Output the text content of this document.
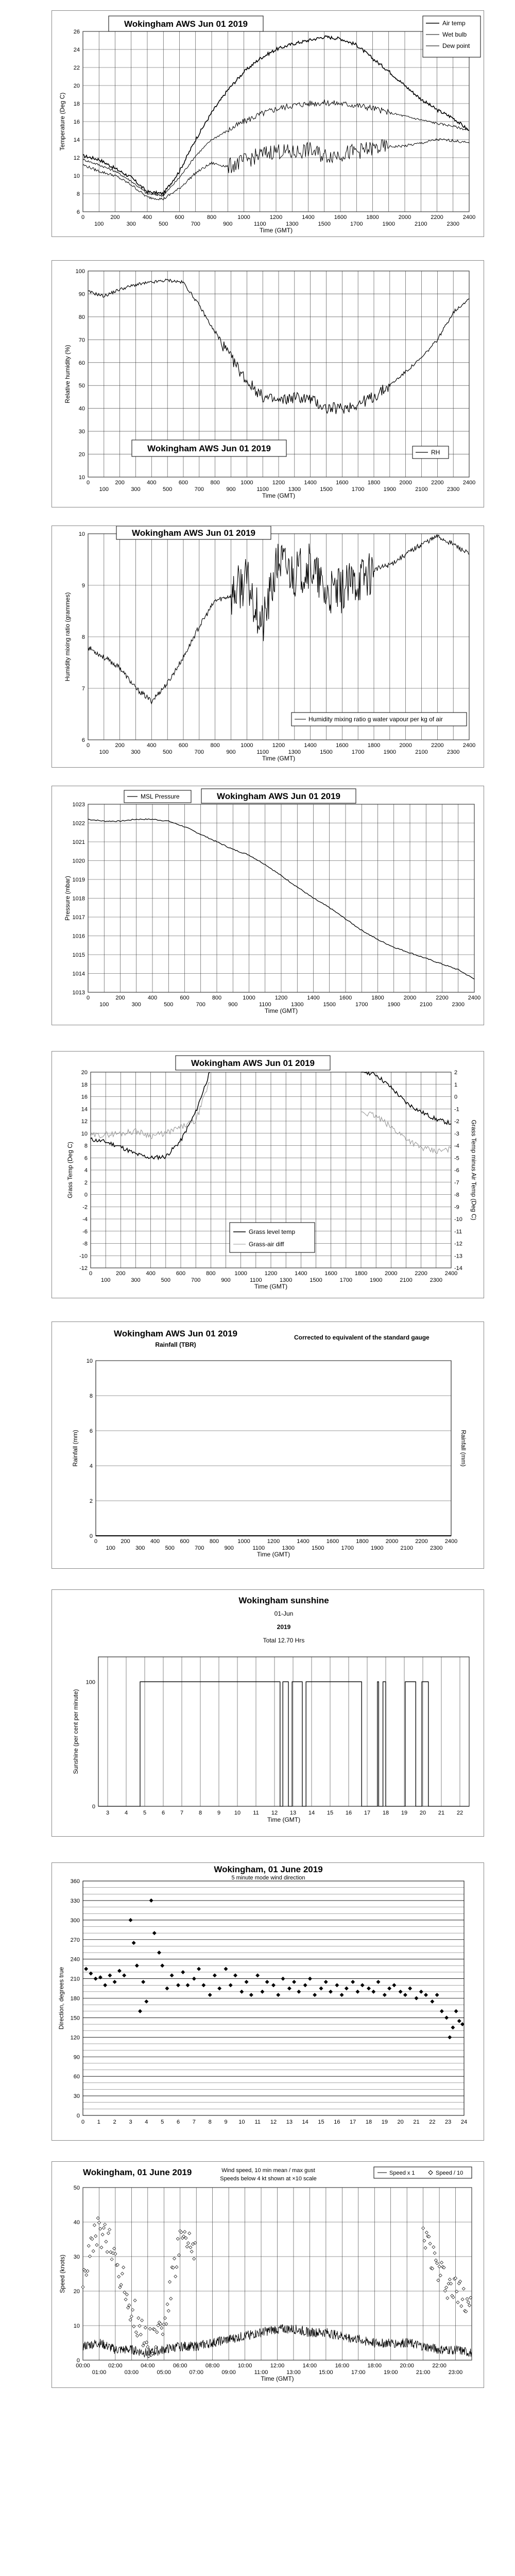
6
8
10
12
14
16
18
20
22
24
26
0	200	400	600	800	1000	1200	1400	1600	1800	2000	2200	2400
100	300	500	700	900	1100	1300	1500	1700	1900	2100	2300
Time (GMT)
Temperature (Deg C)
Wokingham AWS Jun 01 2019	Air temp
Wet bulb
Dew point
10
20
30
40
50
60
70
80
90
100
0	200	400	600	800	1000	1200	1400	1600	1800	2000	2200	2400
100	300	500	700	900	1100	1300	1500	1700	1900	2100	2300
Time (GMT)
Relative humidity (%)
Wokingham AWS Jun 01 2019	RH
6
7
8
9
10
0	200	400	600	800	1000	1200	1400	1600	1800	2000	2200	2400
100	300	500	700	900	1100	1300	1500	1700	1900	2100	2300
Time (GMT)
Humidity mixing ratio (grammes)
Wokingham AWS Jun 01 2019
Humidity mixing ratio g water vapour per kg of air
1013
1014
1015
1016
1017
1018
1019
1020
1021
1022
1023
0	200	400	600	800	1000	1200	1400	1600	1800	2000	2200	2400
100	300	500	700	900	1100	1300	1500	1700	1900	2100	2300
Time (GMT)
Pressure (mbar)
MSL Pressure	Wokingham AWS Jun 01 2019
20
18
16
14
12
10
8
6
4
2
0
-2
-4
-6
-8
-10
-12
0	200	400	600	800	1000	1200	1400	1600	1800	2000	2200	2400
100	300	500	700	900	1100	1300	1500	1700	1900	2100	2300
Time (GMT)
Grass Temp (Deg C)
2
1
0
-1
-2
-3
-4
-5
-6
-7
-8
-9
-10
-11
-12
-13
-14
Grass Temp minus Air Temp (Deg C)
Wokingham AWS Jun 01 2019
Grass level temp
Grass-air diff
0
2
4
6
8
10
0	200	400	600	800	1000	1200	1400	1600	1800	2000	2200	2400
100	300	500	700	900	1100	1300	1500	1700	1900	2100	2300
Time (GMT)
Rainfall (mm)	Rainfall (mm)
Wokingham AWS Jun 01 2019
Rainfall (TBR)
Corrected to equivalent of the standard gauge
3	4	5	6	7	8	9 10 11 12 13 14 15 16 17 18 19 20 21 22
0
100
Time (GMT)
Sunshine (per cent per minute)
Wokingham sunshine
01-Jun
2019
Total 12.70 Hrs
0
30
60
90
120
150
180
210
240
270
300
330
360
0 1 2 3 4 5 6 7 8 9 10 11 12 13 14 15 16 17 18 19 20 21 22 23 24
Direction, degrees true
Wokingham, 01 June 2019
5 minute mode wind direction
0
10
20
30
40
50
00:00	02:00	04:00	06:00	08:00	10:00	12:00	14:00	16:00	18:00	20:00	22:00
01:00	03:00	05:00	07:00	09:00	11:00	13:00	15:00	17:00	19:00	21:00	23:00
Time (GMT)
Speed (knots)
Wokingham, 01 June 2019	Wind speed, 10 min mean / max gust
Speeds below 4 kt shown at ×10 scale
Speed x 1	Speed / 10
